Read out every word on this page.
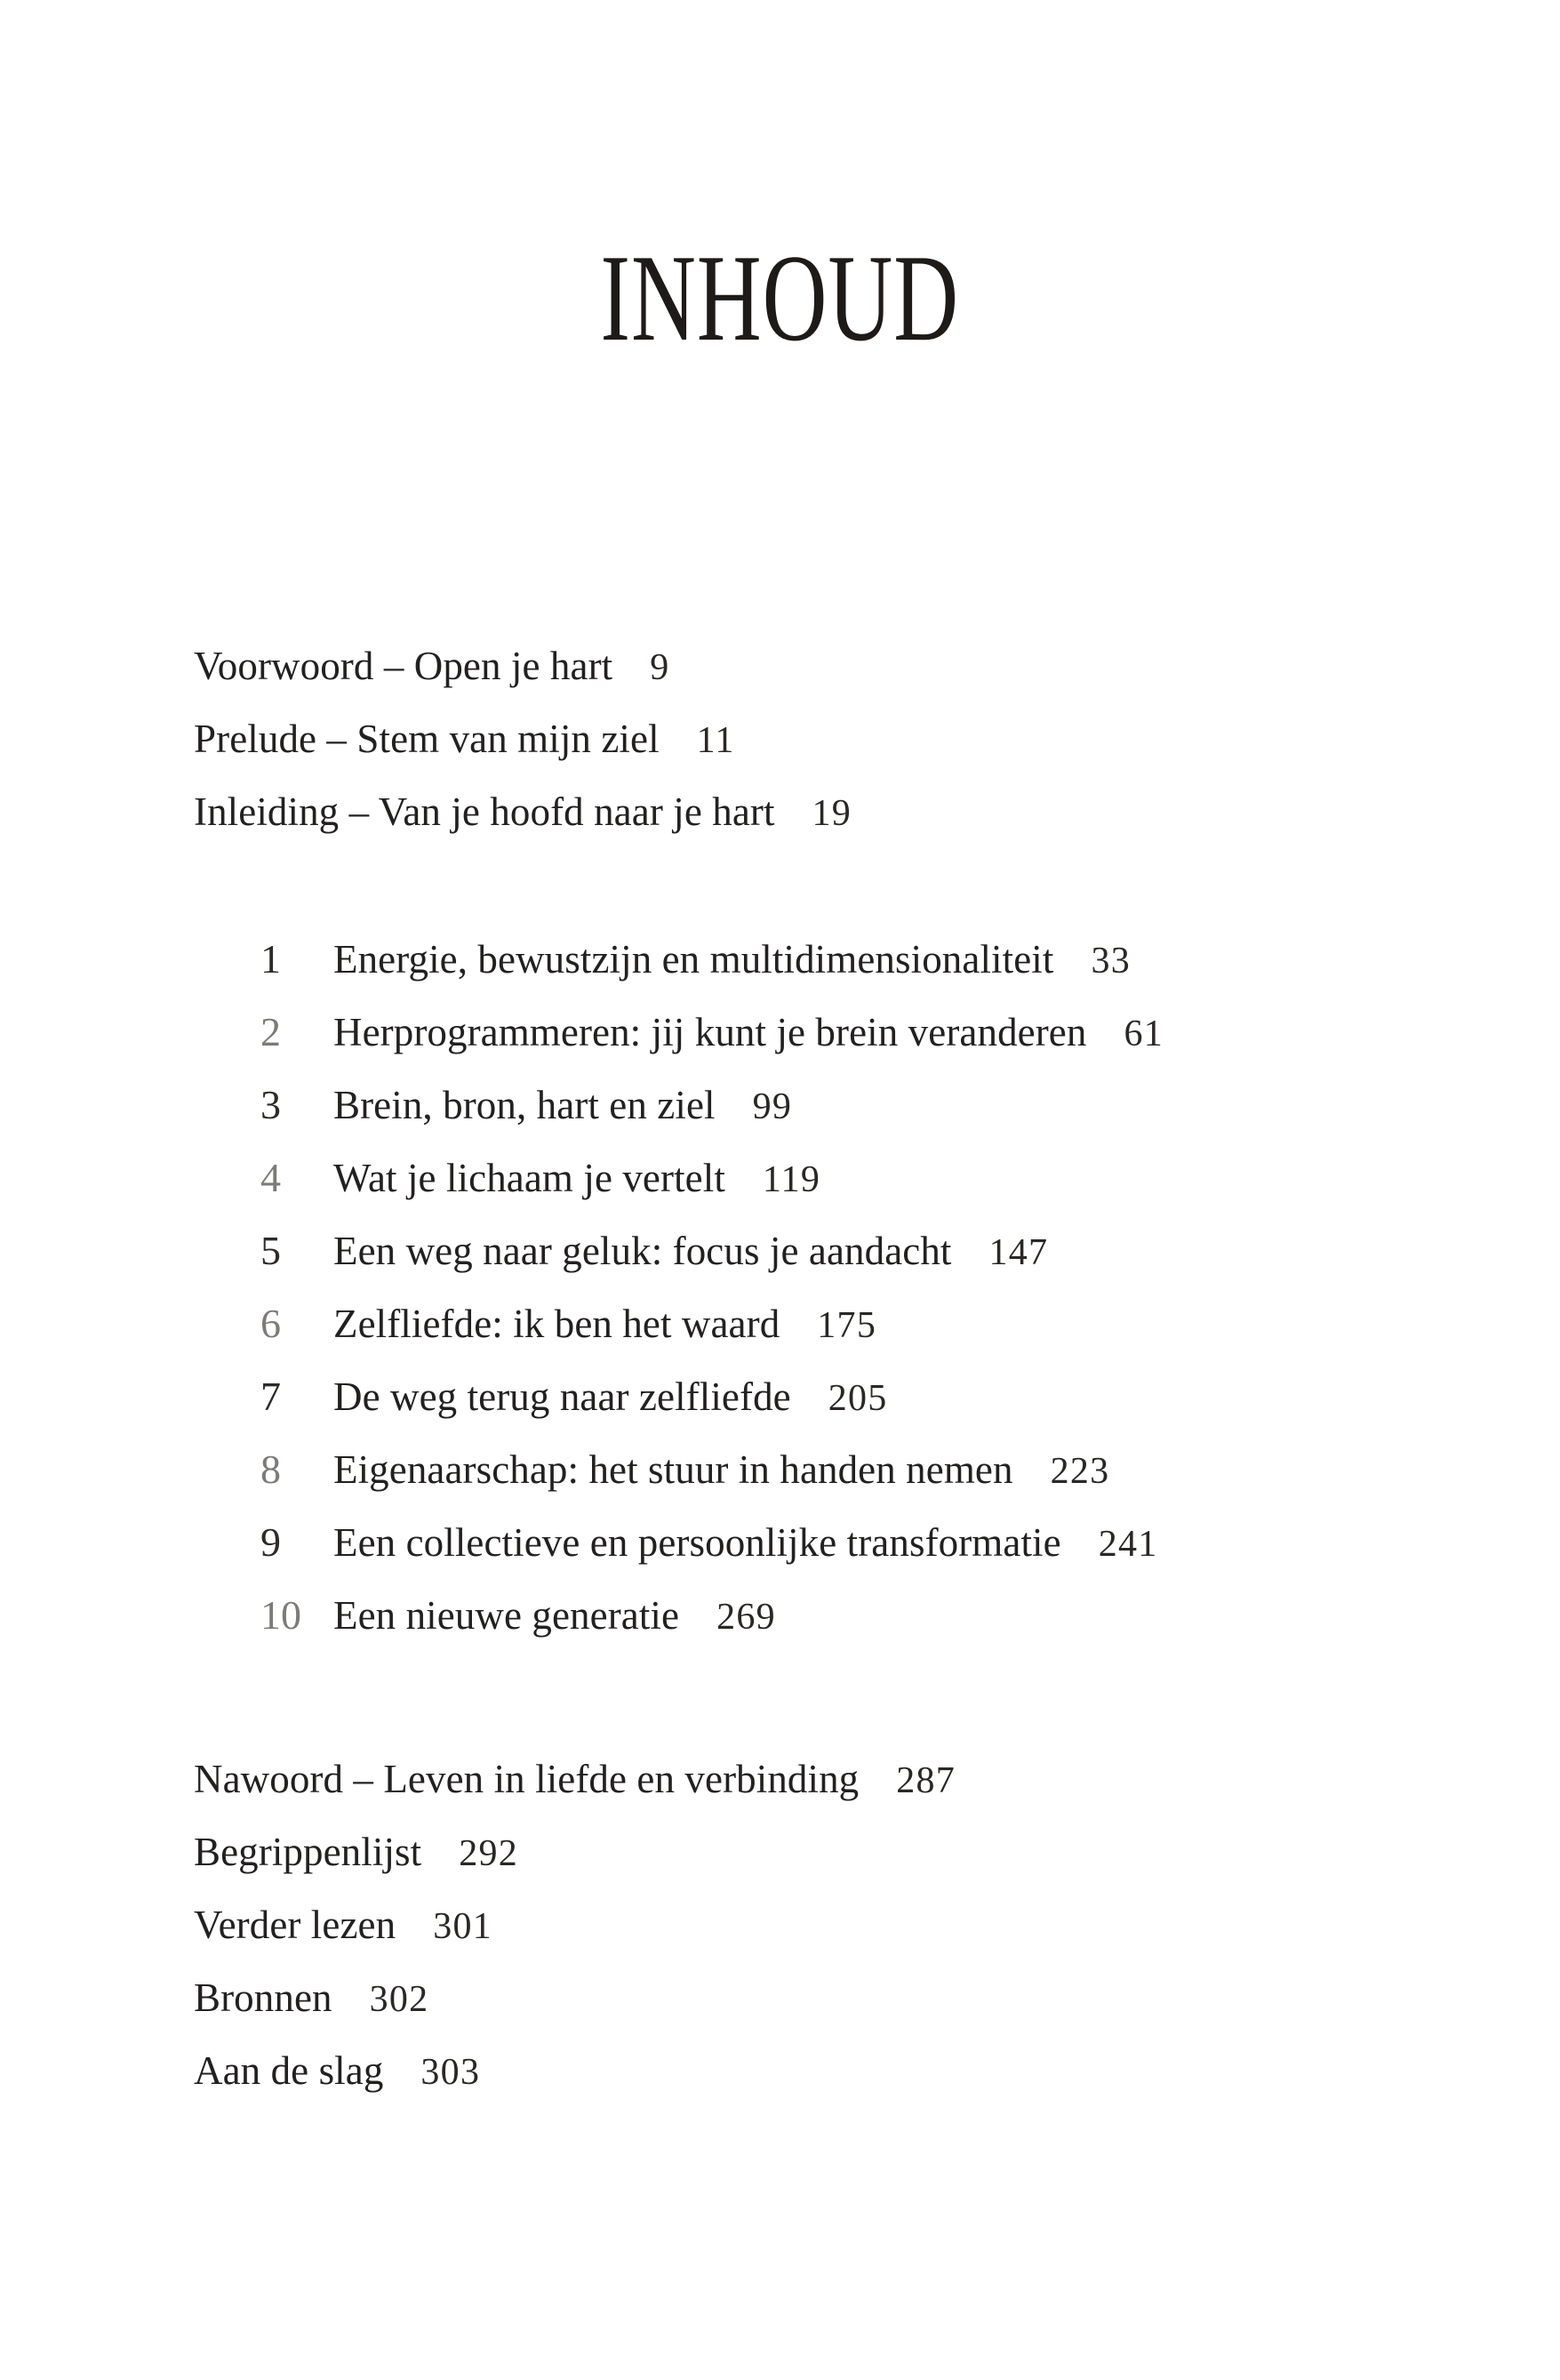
INHOUD
Voorwoord – Open je hart 9
Prelude – Stem van mijn ziel 11
Inleiding – Van je hoofd naar je hart 19
1 Energie, bewustzijn en multidimensionaliteit 33
2 Herprogrammeren: jij kunt je brein veranderen 61
3 Brein, bron, hart en ziel 99
4 Wat je lichaam je vertelt 119
5 Een weg naar geluk: focus je aandacht 147
6 Zelfliefde: ik ben het waard 175
7 De weg terug naar zelfliefde 205
8 Eigenaarschap: het stuur in handen nemen 223
9 Een collectieve en persoonlijke transformatie 241
10 Een nieuwe generatie 269
Nawoord – Leven in liefde en verbinding 287
Begrippenlijst 292
Verder lezen 301
Bronnen 302
Aan de slag 303
